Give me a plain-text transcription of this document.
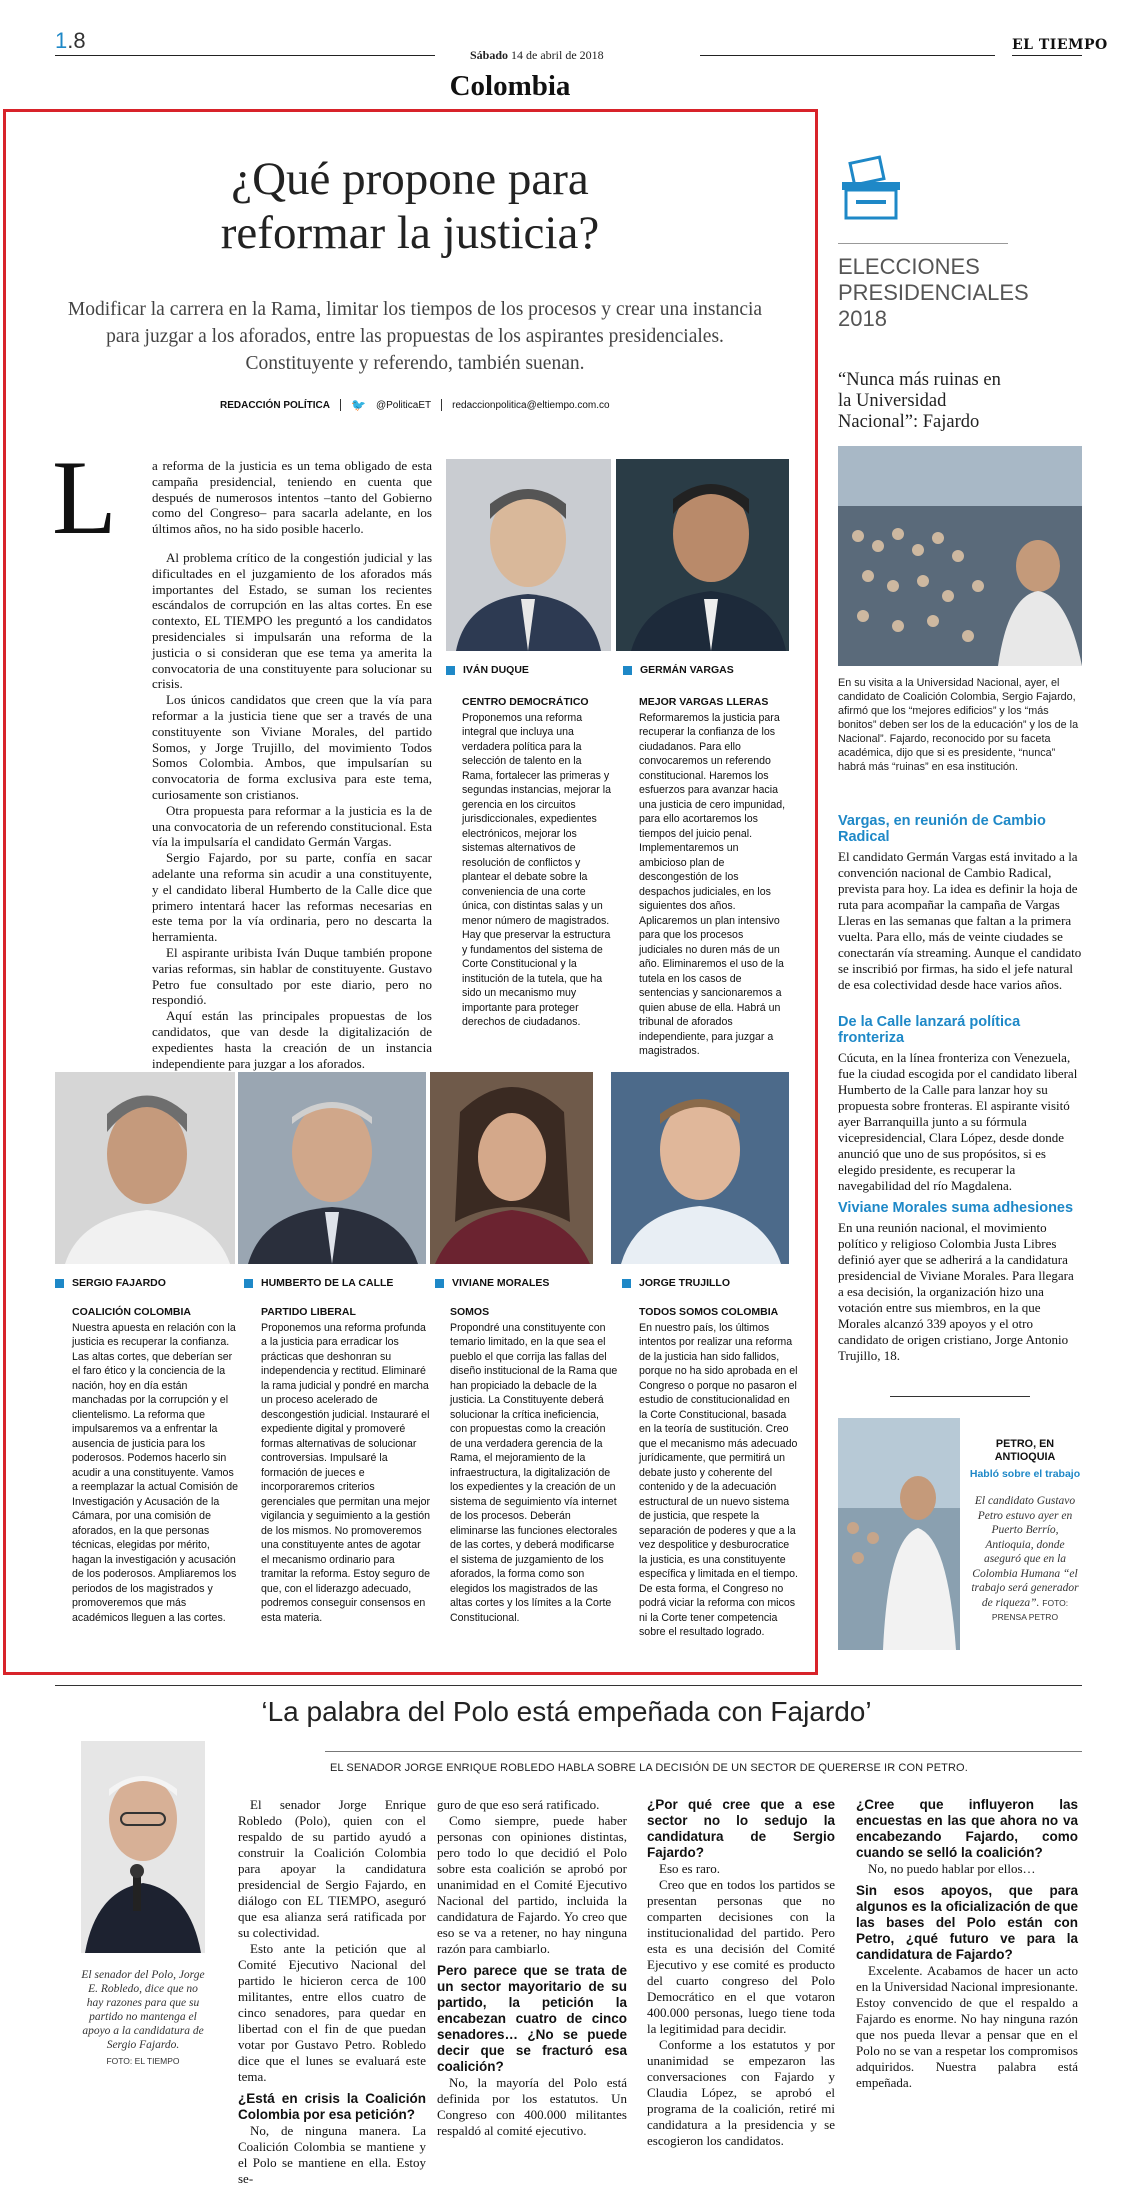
1.8
Sábado 14 de abril de 2018
EL TIEMPO
Colombia
¿Qué propone para
reformar la justicia?
Modificar la carrera en la Rama, limitar los tiempos de los procesos y crear una instancia para juzgar a los aforados, entre las propuestas de los aspirantes presidenciales. Constituyente y referendo, también suenan.
REDACCIÓN POLÍTICA 🐦 @PoliticaET redaccionpolitica@eltiempo.com.co
L	a reforma de la justicia es un tema obligado de esta campaña presidencial, teniendo en cuenta que después de numerosos intentos –tanto del Gobierno como del Congreso– para sacarla adelante, en los últimos años, no ha sido posible hacerlo.

Al problema crítico de la congestión judicial y las dificultades en el juzgamiento de los aforados más importantes del Estado, se suman los recientes escándalos de corrupción en las altas cortes. En ese contexto, EL TIEMPO les preguntó a los candidatos presidenciales si impulsarán una reforma de la justicia o si consideran que ese tema ya amerita la convocatoria de una constituyente para solucionar su crisis.

Los únicos candidatos que creen que la vía para reformar a la justicia tiene que ser a través de una constituyente son Viviane Morales, del partido Somos, y Jorge Trujillo, del movimiento Todos Somos Colombia. Ambos, que impulsarían su convocatoria de forma exclusiva para este tema, curiosamente son cristianos.

Otra propuesta para reformar a la justicia es la de una convocatoria de un referendo constitucional. Esta vía la impulsaría el candidato Germán Vargas.

Sergio Fajardo, por su parte, confía en sacar adelante una reforma sin acudir a una constituyente, y el candidato liberal Humberto de la Calle dice que primero intentará hacer las reformas necesarias en este tema por la vía ordinaria, pero no descarta la herramienta.

El aspirante uribista Iván Duque también propone varias reformas, sin hablar de constituyente. Gustavo Petro fue consultado por este diario, pero no respondió.

Aquí están las principales propuestas de los candidatos, que van desde la digitalización de expedientes hasta la creación de un instancia independiente para juzgar a los aforados.

IVÁN DUQUE	GERMÁN VARGAS
CENTRO DEMOCRÁTICO
Proponemos una reforma integral que incluya una verdadera política para la selección de talento en la Rama, fortalecer las primeras y segundas instancias, mejorar la gerencia en los circuitos jurisdiccionales, expedientes electrónicos, mejorar los sistemas alternativos de resolución de conflictos y plantear el debate sobre la conveniencia de una corte única, con distintas salas y un menor número de magistrados. Hay que preservar la estructura y fundamentos del sistema de Corte Constitucional y la institución de la tutela, que ha sido un mecanismo muy importante para proteger derechos de ciudadanos.
MEJOR VARGAS LLERAS
Reformaremos la justicia para recuperar la confianza de los ciudadanos. Para ello convocaremos un referendo constitucional. Haremos los esfuerzos para avanzar hacia una justicia de cero impunidad, para ello acortaremos los tiempos del juicio penal. Implementaremos un ambicioso plan de descongestión de los despachos judiciales, en los siguientes dos años. Aplicaremos un plan intensivo para que los procesos judiciales no duren más de un año. Eliminaremos el uso de la tutela en los casos de sentencias y sancionaremos a quien abuse de ella. Habrá un tribunal de aforados independiente, para juzgar a magistrados.
SERGIO FAJARDO	HUMBERTO DE LA CALLE	VIVIANE MORALES	JORGE TRUJILLO
COALICIÓN COLOMBIA
Nuestra apuesta en relación con la justicia es recuperar la confianza. Las altas cortes, que deberían ser el faro ético y la conciencia de la nación, hoy en día están manchadas por la corrupción y el clientelismo. La reforma que impulsaremos va a enfrentar la ausencia de justicia para los poderosos. Podemos hacerlo sin acudir a una constituyente. Vamos a reemplazar la actual Comisión de Investigación y Acusación de la Cámara, por una comisión de aforados, en la que personas técnicas, elegidas por mérito, hagan la investigación y acusación de los poderosos. Ampliaremos los periodos de los magistrados y promoveremos que más académicos lleguen a las cortes.
PARTIDO LIBERAL
Proponemos una reforma profunda a la justicia para erradicar los prácticas que deshonran su independencia y rectitud. Eliminaré la rama judicial y pondré en marcha un proceso acelerado de descongestión judicial. Instauraré el expediente digital y promoveré formas alternativas de solucionar controversias. Impulsaré la formación de jueces e incorporaremos criterios gerenciales que permitan una mejor vigilancia y seguimiento a la gestión de los mismos. No promoveremos una constituyente antes de agotar el mecanismo ordinario para tramitar la reforma. Estoy seguro de que, con el liderazgo adecuado, podremos conseguir consensos en esta materia.
SOMOS
Propondré una constituyente con temario limitado, en la que sea el pueblo el que corrija las fallas del diseño institucional de la Rama que han propiciado la debacle de la justicia. La Constituyente deberá solucionar la crítica ineficiencia, con propuestas como la creación de una verdadera gerencia de la Rama, el mejoramiento de la infraestructura, la digitalización de los expedientes y la creación de un sistema de seguimiento vía internet de los procesos. Deberán eliminarse las funciones electorales de las cortes, y deberá modificarse el sistema de juzgamiento de los aforados, la forma como son elegidos los magistrados de las altas cortes y los límites a la Corte Constitucional.
TODOS SOMOS COLOMBIA
En nuestro país, los últimos intentos por realizar una reforma de la justicia han sido fallidos, porque no ha sido aprobada en el Congreso o porque no pasaron el estudio de constitucionalidad en la Corte Constitucional, basada en la teoría de sustitución. Creo que el mecanismo más adecuado jurídicamente, que permitirá un debate justo y coherente del contenido y de la adecuación estructural de un nuevo sistema de justicia, que respete la separación de poderes y que a la vez despolitice y desburocratice la justicia, es una constituyente específica y limitada en el tiempo. De esta forma, el Congreso no podrá viciar la reforma con micos ni la Corte tener competencia sobre el resultado logrado.
ELECCIONES PRESIDENCIALES 2018
“Nunca más ruinas en la Universidad Nacional”: Fajardo
En su visita a la Universidad Nacional, ayer, el candidato de Coalición Colombia, Sergio Fajardo, afirmó que los “mejores edificios” y los “más bonitos” deben ser los de la educación” y los de la Nacional”. Fajardo, reconocido por su faceta académica, dijo que si es presidente, “nunca” habrá más “ruinas” en esa institución.
Vargas, en reunión de Cambio Radical
El candidato Germán Vargas está invitado a la convención nacional de Cambio Radical, prevista para hoy. La idea es definir la hoja de ruta para acompañar la campaña de Vargas Lleras en las semanas que faltan a la primera vuelta. Para ello, más de veinte ciudades se conectarán vía streaming. Aunque el candidato se inscribió por firmas, ha sido el jefe natural de esa colectividad desde hace varios años.
De la Calle lanzará política fronteriza
Cúcuta, en la línea fronteriza con Venezuela, fue la ciudad escogida por el candidato liberal Humberto de la Calle para lanzar hoy su propuesta sobre fronteras. El aspirante visitó ayer Barranquilla junto a su fórmula vicepresidencial, Clara López, desde donde anunció que uno de sus propósitos, si es elegido presidente, es recuperar la navegabilidad del río Magdalena.
Viviane Morales suma adhesiones
En una reunión nacional, el movimiento político y religioso Colombia Justa Libres definió ayer que se adherirá a la candidatura presidencial de Viviane Morales. Para llegara a esa decisión, la organización hizo una votación entre sus miembros, en la que Morales alcanzó 339 apoyos y el otro candidato de origen cristiano, Jorge Antonio Trujillo, 18.
PETRO, EN ANTIOQUIA
Habló sobre el trabajo
El candidato Gustavo Petro estuvo ayer en Puerto Berrío, Antioquia, donde aseguró que en la Colombia Humana “el trabajo será generador de riqueza”. FOTO: PRENSA PETRO
‘La palabra del Polo está empeñada con Fajardo’
EL SENADOR JORGE ENRIQUE ROBLEDO HABLA SOBRE LA DECISIÓN DE UN SECTOR DE QUERERSE IR CON PETRO.
El senador del Polo, Jorge E. Robledo, dice que no hay razones para que su partido no mantenga el apoyo a la candidatura de Sergio Fajardo.
FOTO: EL TIEMPO

El senador Jorge Enrique Robledo (Polo), quien con el respaldo de su partido ayudó a construir la Coalición Colombia para apoyar la candidatura presidencial de Sergio Fajardo, en diálogo con EL TIEMPO, aseguró que esa alianza será ratificada por su colectividad.

Esto ante la petición que al Comité Ejecutivo Nacional del partido le hicieron cerca de 100 militantes, entre ellos cuatro de cinco senadores, para quedar en libertad con el fin de que puedan votar por Gustavo Petro. Robledo dice que el lunes se evaluará este tema.

¿Está en crisis la Coalición Colombia por esa petición?

No, de ninguna manera. La Coalición Colombia se mantiene y el Polo se mantiene en ella. Estoy se-

guro de que eso será ratificado.

Como siempre, puede haber personas con opiniones distintas, pero todo lo que decidió el Polo sobre esta coalición se aprobó por unanimidad en el Comité Ejecutivo Nacional del partido, incluida la candidatura de Fajardo. Yo creo que eso se va a retener, no hay ninguna razón para cambiarlo.

Pero parece que se trata de un sector mayoritario de su partido, la petición la encabezan cuatro de cinco senadores… ¿No se puede decir que se fracturó esa coalición?

No, la mayoría del Polo está definida por los estatutos. Un Congreso con 400.000 militantes respaldó al comité ejecutivo.

¿Por qué cree que a ese sector no lo sedujo la candidatura de Sergio Fajardo?

Eso es raro.

Creo que en todos los partidos se presentan personas que no comparten decisiones con la institucionalidad del partido. Pero esta es una decisión del Comité Ejecutivo y ese comité es producto del cuarto congreso del Polo Democrático en el que votaron 400.000 personas, luego tiene toda la legitimidad para decidir.

Conforme a los estatutos y por unanimidad se empezaron las conversaciones con Fajardo y Claudia López, se aprobó el programa de la coalición, retiré mi candidatura a la presidencia y se escogieron los candidatos.

¿Cree que influyeron las encuestas en las que ahora no va encabezando Fajardo, como cuando se selló la coalición?

No, no puedo hablar por ellos…

Sin esos apoyos, que para algunos es la oficialización de que las bases del Polo están con Petro, ¿qué futuro ve para la candidatura de Fajardo?

Excelente. Acabamos de hacer un acto en la Universidad Nacional impresionante. Estoy convencido de que el respaldo a Fajardo es enorme. No hay ninguna razón que nos pueda llevar a pensar que en el Polo no se van a respetar los compromisos adquiridos. Nuestra palabra está empeñada.
